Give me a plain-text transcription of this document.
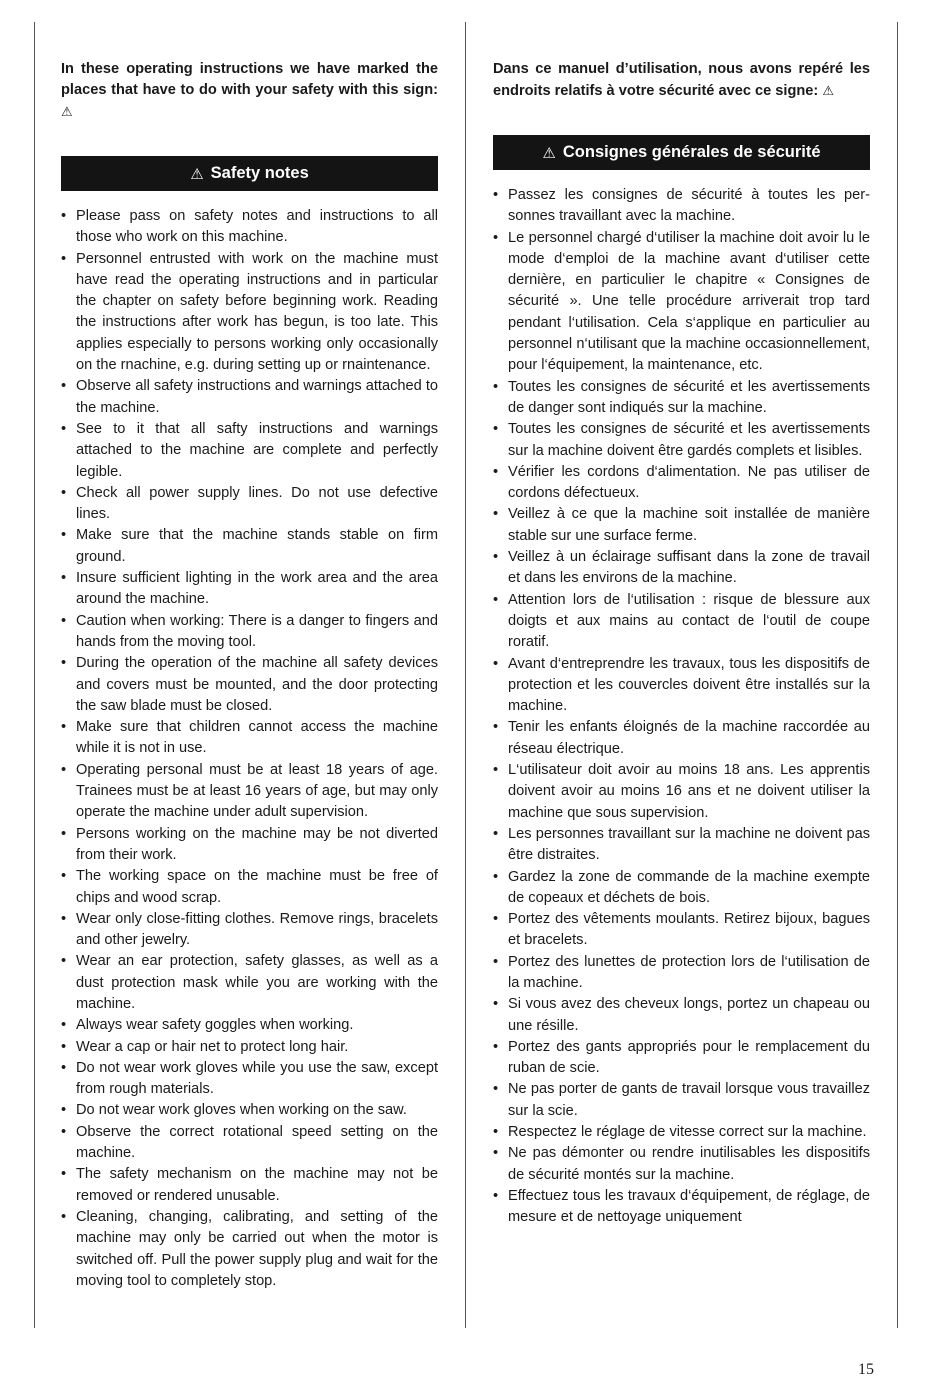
In these operating instructions we have marked the places that have to do with your safety with this sign: ⚠

⚠ Safety notes
• Please pass on safety notes and instructions to all those who work on this machine.
• Personnel entrusted with work on the machine must have read the operating instructions and in particular the chapter on safety before beginning work. Reading the instructions after work has begun, is too late. This applies especially to persons working only occasionally on the rnachine, e.g. during setting up or rnaintenance.
• Observe all safety instructions and warnings attached to the machine.
• See to it that all safty instructions and warnings attached to the machine are complete and perfectly legible.
• Check all power supply lines. Do not use defective lines.
• Make sure that the machine stands stable on firm ground.
• Insure sufficient lighting in the work area and the area around the machine.
• Caution when working: There is a danger to fingers and hands from the moving tool.
• During the operation of the machine all safety devices and covers must be mounted, and the door protecting the saw blade must be closed.
• Make sure that children cannot access the machine while it is not in use.
• Operating personal must be at least 18 years of age. Trainees must be at least 16 years of age, but may only operate the machine under adult supervision.
• Persons working on the machine may be not diverted from their work.
• The working space on the machine must be free of chips and wood scrap.
• Wear only close-fitting clothes. Remove rings, bracelets and other jewelry.
• Wear an ear protection, safety glasses, as well as a dust protection mask while you are working with the machine.
• Always wear safety goggles when working.
• Wear a cap or hair net to protect long hair.
• Do not wear work gloves while you use the saw, except from rough materials.
• Do not wear work gloves when working on the saw.
• Observe the correct rotational speed setting on the machine.
• The safety mechanism on the machine may not be removed or rendered unusable.
• Cleaning, changing, calibrating, and setting of the machine may only be carried out when the motor is switched off. Pull the power supply plug and wait for the moving tool to completely stop.

Dans ce manuel d’utilisation, nous avons repéré les endroits relatifs à votre sécurité avec ce signe: ⚠

⚠ Consignes générales de sécurité
• Passez les consignes de sécurité à toutes les personnes travaillant avec la machine.
• Le personnel chargé d‘utiliser la machine doit avoir lu le mode d‘emploi de la machine avant d‘utiliser cette dernière, en particulier le chapitre « Consignes de sécurité ». Une telle procédure arriverait trop tard pendant l‘utilisation. Cela s‘applique en particulier au personnel n‘utilisant que la machine occasionnellement, pour l‘équipement, la maintenance, etc.
• Toutes les consignes de sécurité et les avertissements de danger sont indiqués sur la machine.
• Toutes les consignes de sécurité et les avertissements sur la machine doivent être gardés complets et lisibles.
• Vérifier les cordons d‘alimentation. Ne pas utiliser de cordons défectueux.
• Veillez à ce que la machine soit installée de manière stable sur une surface ferme.
• Veillez à un éclairage suffisant dans la zone de travail et dans les environs de la machine.
• Attention lors de l‘utilisation : risque de blessure aux doigts et aux mains au contact de l‘outil de coupe roratif.
• Avant d‘entreprendre les travaux, tous les dispositifs de protection et les couvercles doivent être installés sur la machine.
• Tenir les enfants éloignés de la machine raccordée au réseau électrique.
• L‘utilisateur doit avoir au moins 18 ans. Les apprentis doivent avoir au moins 16 ans et ne doivent utiliser la machine que sous supervision.
• Les personnes travaillant sur la machine ne doivent pas être distraites.
• Gardez la zone de commande de la machine exempte de copeaux et déchets de bois.
• Portez des vêtements moulants. Retirez bijoux, bagues et bracelets.
• Portez des lunettes de protection lors de l‘utilisation de la machine.
• Si vous avez des cheveux longs, portez un chapeau ou une résille.
• Portez des gants appropriés pour le remplacement du ruban de scie.
• Ne pas porter de gants de travail lorsque vous travaillez sur la scie.
• Respectez le réglage de vitesse correct sur la machine.
• Ne pas démonter ou rendre inutilisables les dispositifs de sécurité montés sur la machine.
• Effectuez tous les travaux d‘équipement, de réglage, de mesure et de nettoyage uniquement
15
